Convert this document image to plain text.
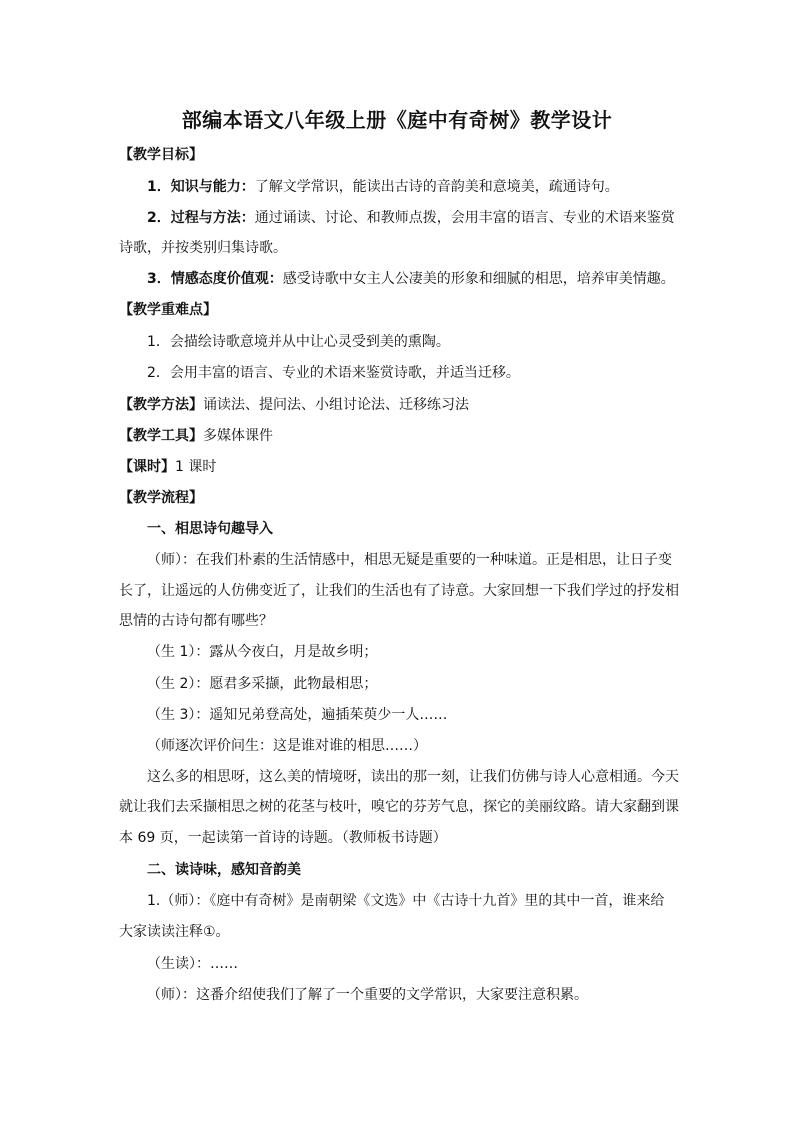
部编本语文八年级上册《庭中有奇树》教学设计
【教学目标】
1．知识与能力：了解文学常识，能读出古诗的音韵美和意境美，疏通诗句。
2．过程与方法：通过诵读、讨论、和教师点拨，会用丰富的语言、专业的术语来鉴赏
诗歌，并按类别归集诗歌。
3．情感态度价值观：感受诗歌中女主人公凄美的形象和细腻的相思，培养审美情趣。
【教学重难点】
1．会描绘诗歌意境并从中让心灵受到美的熏陶。
2．会用丰富的语言、专业的术语来鉴赏诗歌，并适当迁移。
【教学方法】诵读法、提问法、小组讨论法、迁移练习法
【教学工具】多媒体课件
【课时】1 课时
【教学流程】
一、相思诗句趣导入
（师）：在我们朴素的生活情感中，相思无疑是重要的一种味道。正是相思，让日子变
长了，让遥远的人仿佛变近了，让我们的生活也有了诗意。大家回想一下我们学过的抒发相
思情的古诗句都有哪些？
（生 1）：露从今夜白，月是故乡明；
（生 2）：愿君多采撷，此物最相思；
（生 3）：遥知兄弟登高处，遍插茱萸少一人……
（师逐次评价问生：这是谁对谁的相思……）
这么多的相思呀，这么美的情境呀，读出的那一刻，让我们仿佛与诗人心意相通。今天
就让我们去采撷相思之树的花茎与枝叶，嗅它的芬芳气息，探它的美丽纹路。请大家翻到课
本 69 页，一起读第一首诗的诗题。（教师板书诗题）
二、读诗味，感知音韵美
1.（师）：《庭中有奇树》是南朝梁《文选》中《古诗十九首》里的其中一首，谁来给
大家读读注释①。
（生读）：……
（师）：这番介绍使我们了解了一个重要的文学常识，大家要注意积累。
